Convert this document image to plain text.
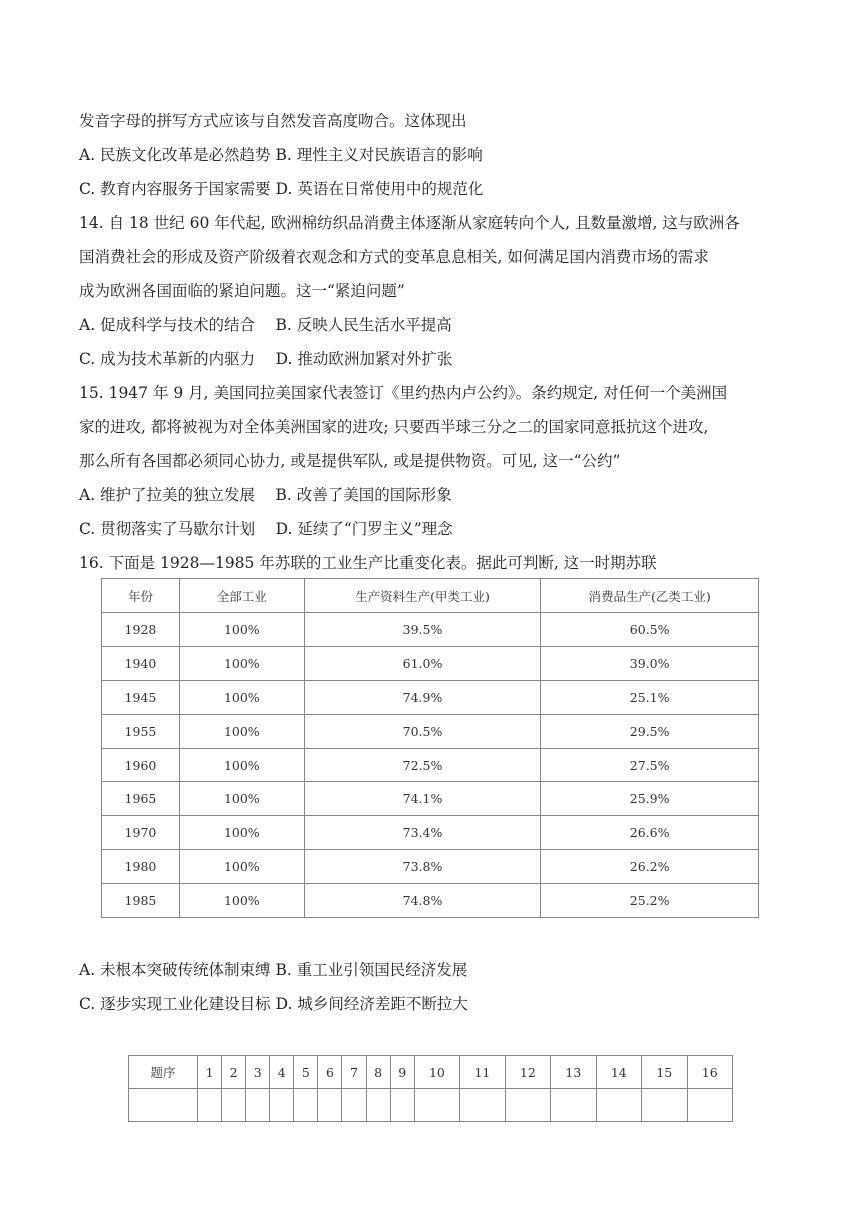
发音字母的拼写方式应该与自然发音高度吻合。这体现出
A. 民族文化改革是必然趋势 B. 理性主义对民族语言的影响
C. 教育内容服务于国家需要 D. 英语在日常使用中的规范化
14. 自 18 世纪 60 年代起, 欧洲棉纺织品消费主体逐渐从家庭转向个人, 且数量激增, 这与欧洲各
国消费社会的形成及资产阶级着衣观念和方式的变革息息相关, 如何满足国内消费市场的需求
成为欧洲各国面临的紧迫问题。这一“紧迫问题”
A. 促成科学与技术的结合　 B. 反映人民生活水平提高
C. 成为技术革新的内驱力　 D. 推动欧洲加紧对外扩张
15. 1947 年 9 月, 美国同拉美国家代表签订《里约热内卢公约》。条约规定, 对任何一个美洲国
家的进攻, 都将被视为对全体美洲国家的进攻; 只要西半球三分之二的国家同意抵抗这个进攻,
那么所有各国都必须同心协力, 或是提供军队, 或是提供物资。可见, 这一“公约”
A. 维护了拉美的独立发展　 B. 改善了美国的国际形象
C. 贯彻落实了马歇尔计划　 D. 延续了“门罗主义”理念
16. 下面是 1928—1985 年苏联的工业生产比重变化表。据此可判断, 这一时期苏联
年份	全部工业	生产资料生产(甲类工业)	消费品生产(乙类工业)
1928	100%	39.5%	60.5%
1940	100%	61.0%	39.0%
1945	100%	74.9%	25.1%
1955	100%	70.5%	29.5%
1960	100%	72.5%	27.5%
1965	100%	74.1%	25.9%
1970	100%	73.4%	26.6%
1980	100%	73.8%	26.2%
1985	100%	74.8%	25.2%
A. 未根本突破传统体制束缚 B. 重工业引领国民经济发展
C. 逐步实现工业化建设目标 D. 城乡间经济差距不断拉大
题序	1	2	3	4	5	6	7	8	9	10	11	12	13	14	15	16
